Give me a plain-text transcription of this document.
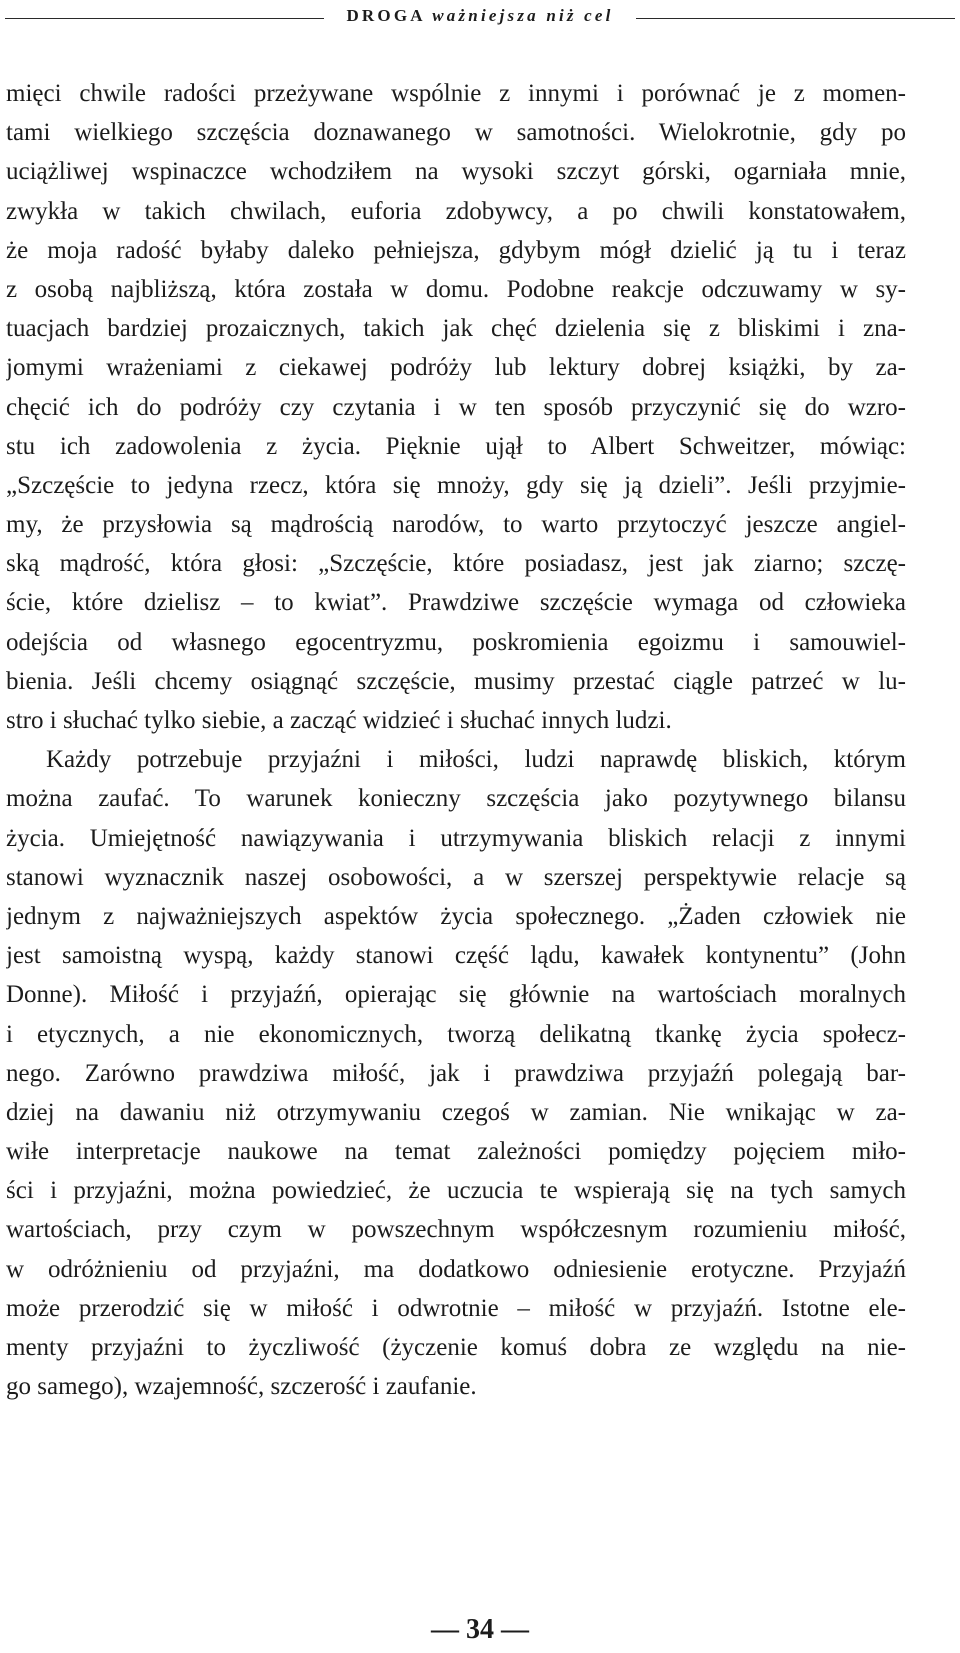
DROGA ważniejsza niż cel
mięci chwile radości przeżywane wspólnie z innymi i porównać je z momen-
tami wielkiego szczęścia doznawanego w samotności. Wielokrotnie, gdy po
uciążliwej wspinaczce wchodziłem na wysoki szczyt górski, ogarniała mnie,
zwykła w takich chwilach, euforia zdobywcy, a po chwili konstatowałem,
że moja radość byłaby daleko pełniejsza, gdybym mógł dzielić ją tu i teraz
z osobą najbliższą, która została w domu. Podobne reakcje odczuwamy w sy-
tuacjach bardziej prozaicznych, takich jak chęć dzielenia się z bliskimi i zna-
jomymi wrażeniami z ciekawej podróży lub lektury dobrej książki, by za-
chęcić ich do podróży czy czytania i w ten sposób przyczynić się do wzro-
stu ich zadowolenia z życia. Pięknie ujął to Albert Schweitzer, mówiąc:
„Szczęście to jedyna rzecz, która się mnoży, gdy się ją dzieli”. Jeśli przyjmie-
my, że przysłowia są mądrością narodów, to warto przytoczyć jeszcze angiel-
ską mądrość, która głosi: „Szczęście, które posiadasz, jest jak ziarno; szczę-
ście, które dzielisz – to kwiat”. Prawdziwe szczęście wymaga od człowieka
odejścia od własnego egocentryzmu, poskromienia egoizmu i samouwiel-
bienia. Jeśli chcemy osiągnąć szczęście, musimy przestać ciągle patrzeć w lu-
stro i słuchać tylko siebie, a zacząć widzieć i słuchać innych ludzi.
Każdy potrzebuje przyjaźni i miłości, ludzi naprawdę bliskich, którym
można zaufać. To warunek konieczny szczęścia jako pozytywnego bilansu
życia. Umiejętność nawiązywania i utrzymywania bliskich relacji z innymi
stanowi wyznacznik naszej osobowości, a w szerszej perspektywie relacje są
jednym z najważniejszych aspektów życia społecznego. „Żaden człowiek nie
jest samoistną wyspą, każdy stanowi część lądu, kawałek kontynentu” (John
Donne). Miłość i przyjaźń, opierając się głównie na wartościach moralnych
i etycznych, a nie ekonomicznych, tworzą delikatną tkankę życia społecz-
nego. Zarówno prawdziwa miłość, jak i prawdziwa przyjaźń polegają bar-
dziej na dawaniu niż otrzymywaniu czegoś w zamian. Nie wnikając w za-
wiłe interpretacje naukowe na temat zależności pomiędzy pojęciem miło-
ści i przyjaźni, można powiedzieć, że uczucia te wspierają się na tych samych
wartościach, przy czym w powszechnym współczesnym rozumieniu miłość,
w odróżnieniu od przyjaźni, ma dodatkowo odniesienie erotyczne. Przyjaźń
może przerodzić się w miłość i odwrotnie – miłość w przyjaźń. Istotne ele-
menty przyjaźni to życzliwość (życzenie komuś dobra ze względu na nie-
go samego), wzajemność, szczerość i zaufanie.
— 34 —
